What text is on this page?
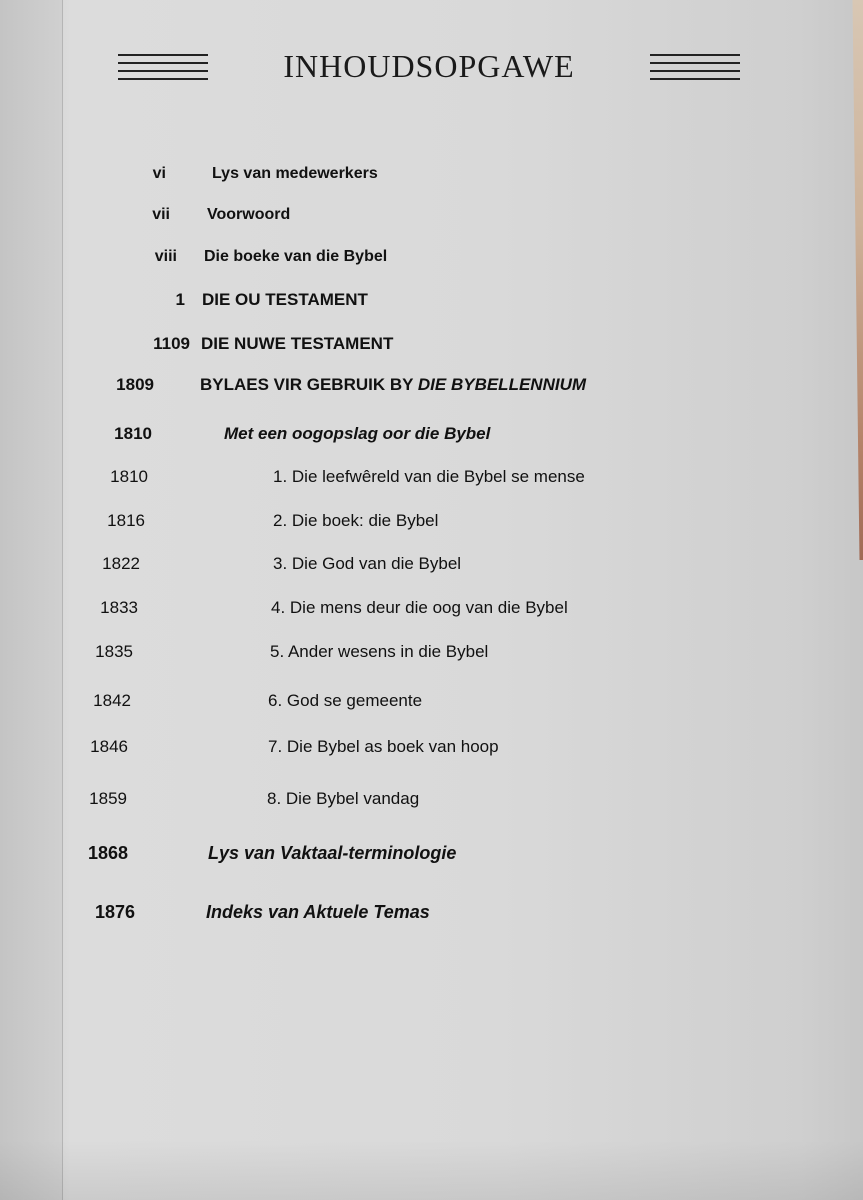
INHOUDSOPGAWE
vi	Lys van medewerkers
vii Voorwoord
viii Die boeke van die Bybel
1 DIE OU TESTAMENT
1109 DIE NUWE TESTAMENT
1809	BYLAES VIR GEBRUIK BY DIE BYBELLENNIUM
1810	Met een oogopslag oor die Bybel
1810	1. Die leefwêreld van die Bybel se mense
1816	2. Die boek: die Bybel
1822	3. Die God van die Bybel
1833	4. Die mens deur die oog van die Bybel
1835	5. Ander wesens in die Bybel
1842	6. God se gemeente
1846	7. Die Bybel as boek van hoop
1859	8. Die Bybel vandag
1868	Lys van Vaktaal-terminologie
1876	Indeks van Aktuele Temas
